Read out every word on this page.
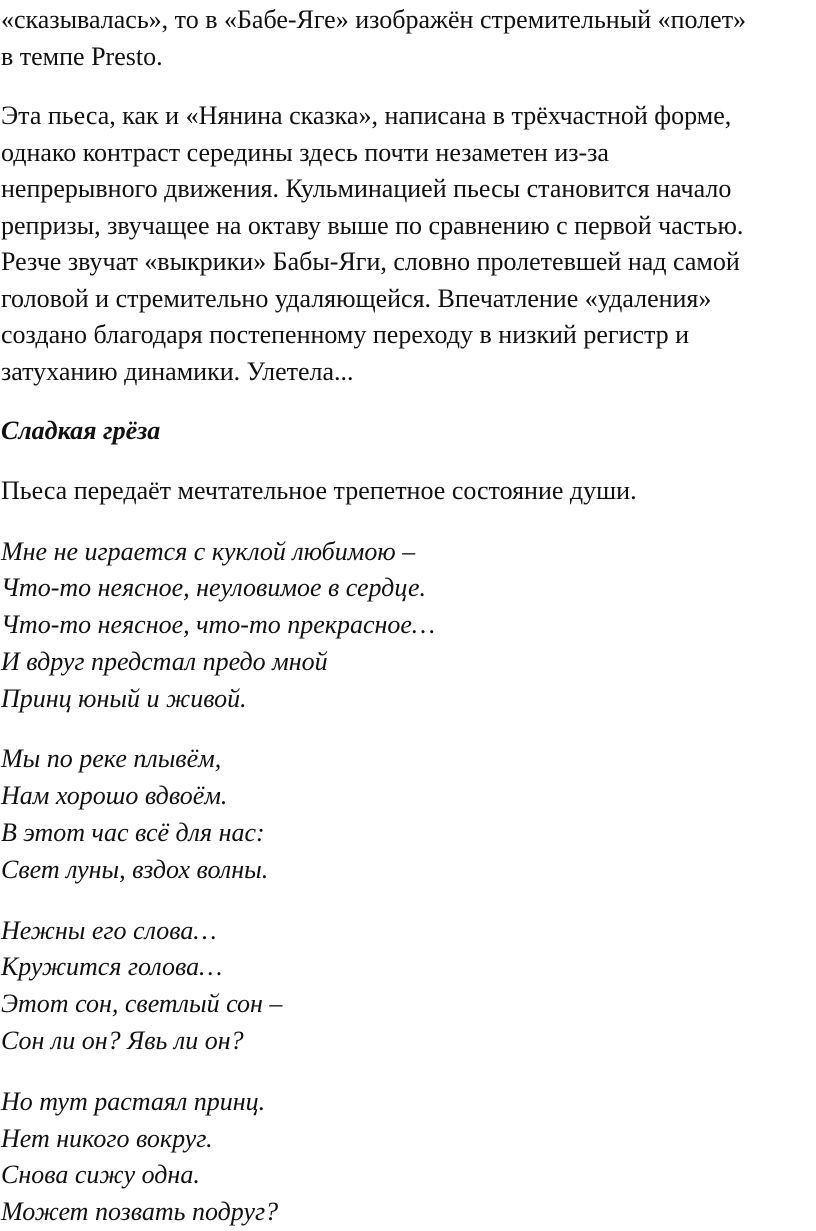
«сказывалась», то в «Бабе-Яге» изображён стремительный «полет»
в темпе Presto.

Эта пьеса, как и «Нянина сказка», написана в трёхчастной форме,
однако контраст середины здесь почти незаметен из-за
непрерывного движения. Кульминацией пьесы становится начало
репризы, звучащее на октаву выше по сравнению с первой частью.
Резче звучат «выкрики» Бабы-Яги, словно пролетевшей над самой
головой и стремительно удаляющейся. Впечатление «удаления»
создано благодаря постепенному переходу в низкий регистр и
затуханию динамики. Улетела...

Сладкая грёза

Пьеса передаёт мечтательное трепетное состояние души.

Мне не играется с куклой любимою –
Что-то неясное, неуловимое в сердце.
Что-то неясное, что-то прекрасное…
И вдруг предстал предо мной
Принц юный и живой.
Мы по реке плывём,
Нам хорошо вдвоём.
В этот час всё для нас:
Свет луны, вздох волны.
Нежны его слова…
Кружится голова…
Этот сон, светлый сон –
Сон ли он? Явь ли он?
Но тут растаял принц.
Нет никого вокруг.
Снова сижу одна.
Может позвать подруг?
